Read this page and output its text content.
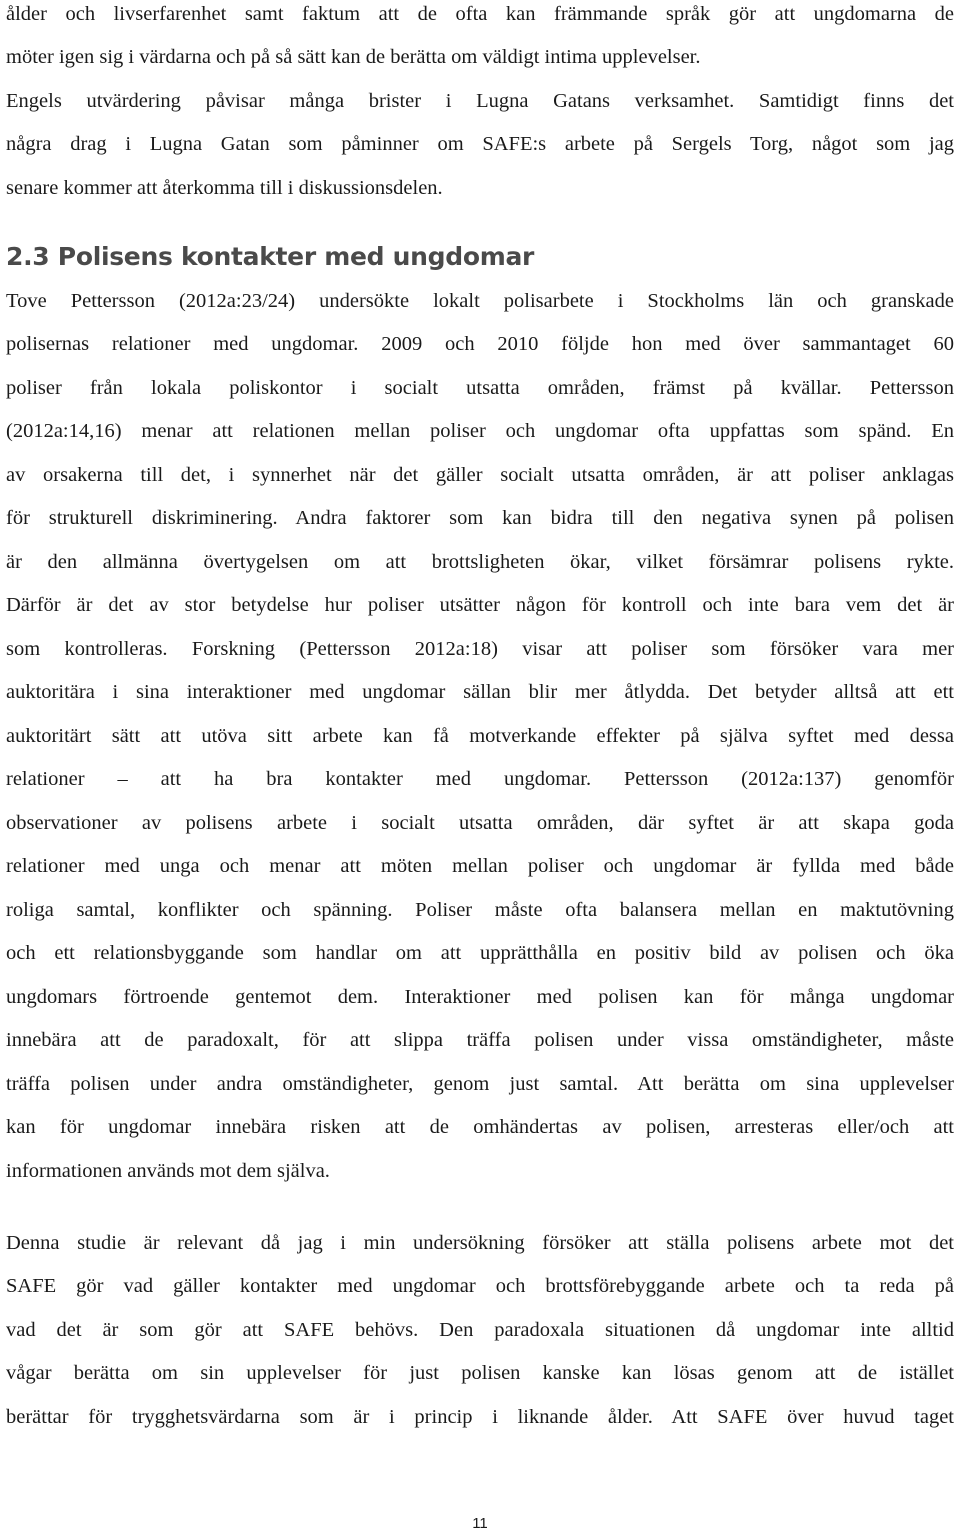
ålder och livserfarenhet samt faktum att de ofta kan främmande språk gör att ungdomarna de
möter igen sig i värdarna och på så sätt kan de berätta om väldigt intima upplevelser.
Engels utvärdering påvisar många brister i Lugna Gatans verksamhet. Samtidigt finns det
några drag i Lugna Gatan som påminner om SAFE:s arbete på Sergels Torg, något som jag
senare kommer att återkomma till i diskussionsdelen.
2.3 Polisens kontakter med ungdomar
Tove Pettersson (2012a:23/24) undersökte lokalt polisarbete i Stockholms län och granskade
polisernas relationer med ungdomar. 2009 och 2010 följde hon med över sammantaget 60
poliser från lokala poliskontor i socialt utsatta områden, främst på kvällar. Pettersson
(2012a:14,16) menar att relationen mellan poliser och ungdomar ofta uppfattas som spänd. En
av orsakerna till det, i synnerhet när det gäller socialt utsatta områden, är att poliser anklagas
för strukturell diskriminering. Andra faktorer som kan bidra till den negativa synen på polisen
är den allmänna övertygelsen om att brottsligheten ökar, vilket försämrar polisens rykte.
Därför är det av stor betydelse hur poliser utsätter någon för kontroll och inte bara vem det är
som kontrolleras. Forskning (Pettersson 2012a:18) visar att poliser som försöker vara mer
auktoritära i sina interaktioner med ungdomar sällan blir mer åtlydda. Det betyder alltså att ett
auktoritärt sätt att utöva sitt arbete kan få motverkande effekter på själva syftet med dessa
relationer – att ha bra kontakter med ungdomar. Pettersson (2012a:137) genomför
observationer av polisens arbete i socialt utsatta områden, där syftet är att skapa goda
relationer med unga och menar att möten mellan poliser och ungdomar är fyllda med både
roliga samtal, konflikter och spänning. Poliser måste ofta balansera mellan en maktutövning
och ett relationsbyggande som handlar om att upprätthålla en positiv bild av polisen och öka
ungdomars förtroende gentemot dem. Interaktioner med polisen kan för många ungdomar
innebära att de paradoxalt, för att slippa träffa polisen under vissa omständigheter, måste
träffa polisen under andra omständigheter, genom just samtal. Att berätta om sina upplevelser
kan för ungdomar innebära risken att de omhändertas av polisen, arresteras eller/och att
informationen används mot dem själva.
Denna studie är relevant då jag i min undersökning försöker att ställa polisens arbete mot det
SAFE gör vad gäller kontakter med ungdomar och brottsförebyggande arbete och ta reda på
vad det är som gör att SAFE behövs. Den paradoxala situationen då ungdomar inte alltid
vågar berätta om sin upplevelser för just polisen kanske kan lösas genom att de istället
berättar för trygghetsvärdarna som är i princip i liknande ålder. Att SAFE över huvud taget
11
